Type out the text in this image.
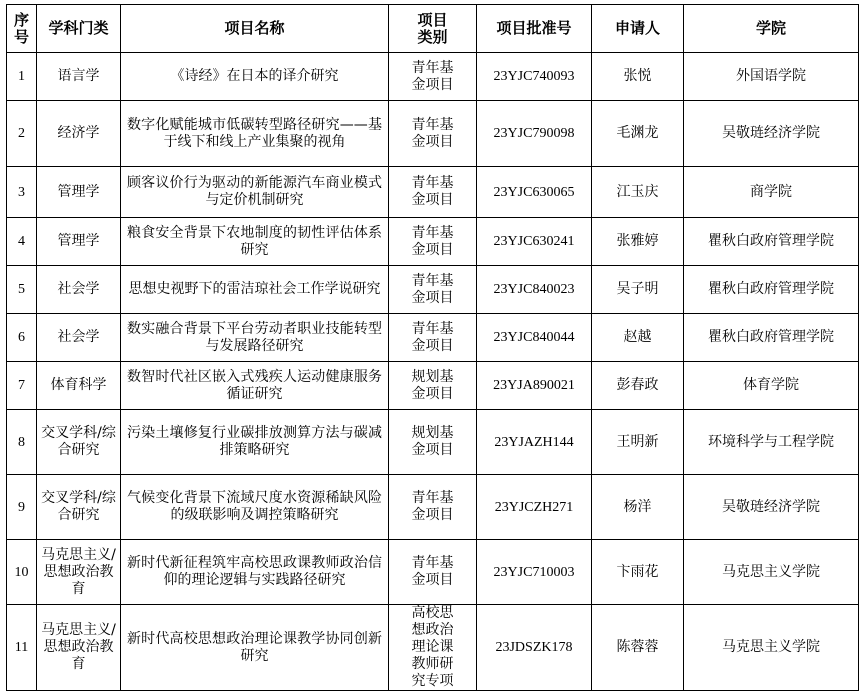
序号	学科门类	项目名称	项目类别	项目批准号	申请人	学院
1	语言学	《诗经》在日本的译介研究	青年基金项目	23YJC740093	张悦	外国语学院
2	经济学	数字化赋能城市低碳转型路径研究——基于线下和线上产业集聚的视角	青年基金项目	23YJC790098	毛渊龙	吴敬琏经济学院
3	管理学	顾客议价行为驱动的新能源汽车商业模式与定价机制研究	青年基金项目	23YJC630065	江玉庆	商学院
4	管理学	粮食安全背景下农地制度的韧性评估体系研究	青年基金项目	23YJC630241	张雅婷	瞿秋白政府管理学院
5	社会学	思想史视野下的雷洁琼社会工作学说研究	青年基金项目	23YJC840023	吴子明	瞿秋白政府管理学院
6	社会学	数实融合背景下平台劳动者职业技能转型与发展路径研究	青年基金项目	23YJC840044	赵越	瞿秋白政府管理学院
7	体育科学	数智时代社区嵌入式残疾人运动健康服务循证研究	规划基金项目	23YJA890021	彭春政	体育学院
8	交叉学科/综合研究	污染土壤修复行业碳排放测算方法与碳减排策略研究	规划基金项目	23YJAZH144	王明新	环境科学与工程学院
9	交叉学科/综合研究	气候变化背景下流域尺度水资源稀缺风险的级联影响及调控策略研究	青年基金项目	23YJCZH271	杨洋	吴敬琏经济学院
10	马克思主义/思想政治教育	新时代新征程筑牢高校思政课教师政治信仰的理论逻辑与实践路径研究	青年基金项目	23YJC710003	卞雨花	马克思主义学院
11	马克思主义/思想政治教育	新时代高校思想政治理论课教学协同创新研究	高校思想政治理论课教师研究专项	23JDSZK178	陈蓉蓉	马克思主义学院
